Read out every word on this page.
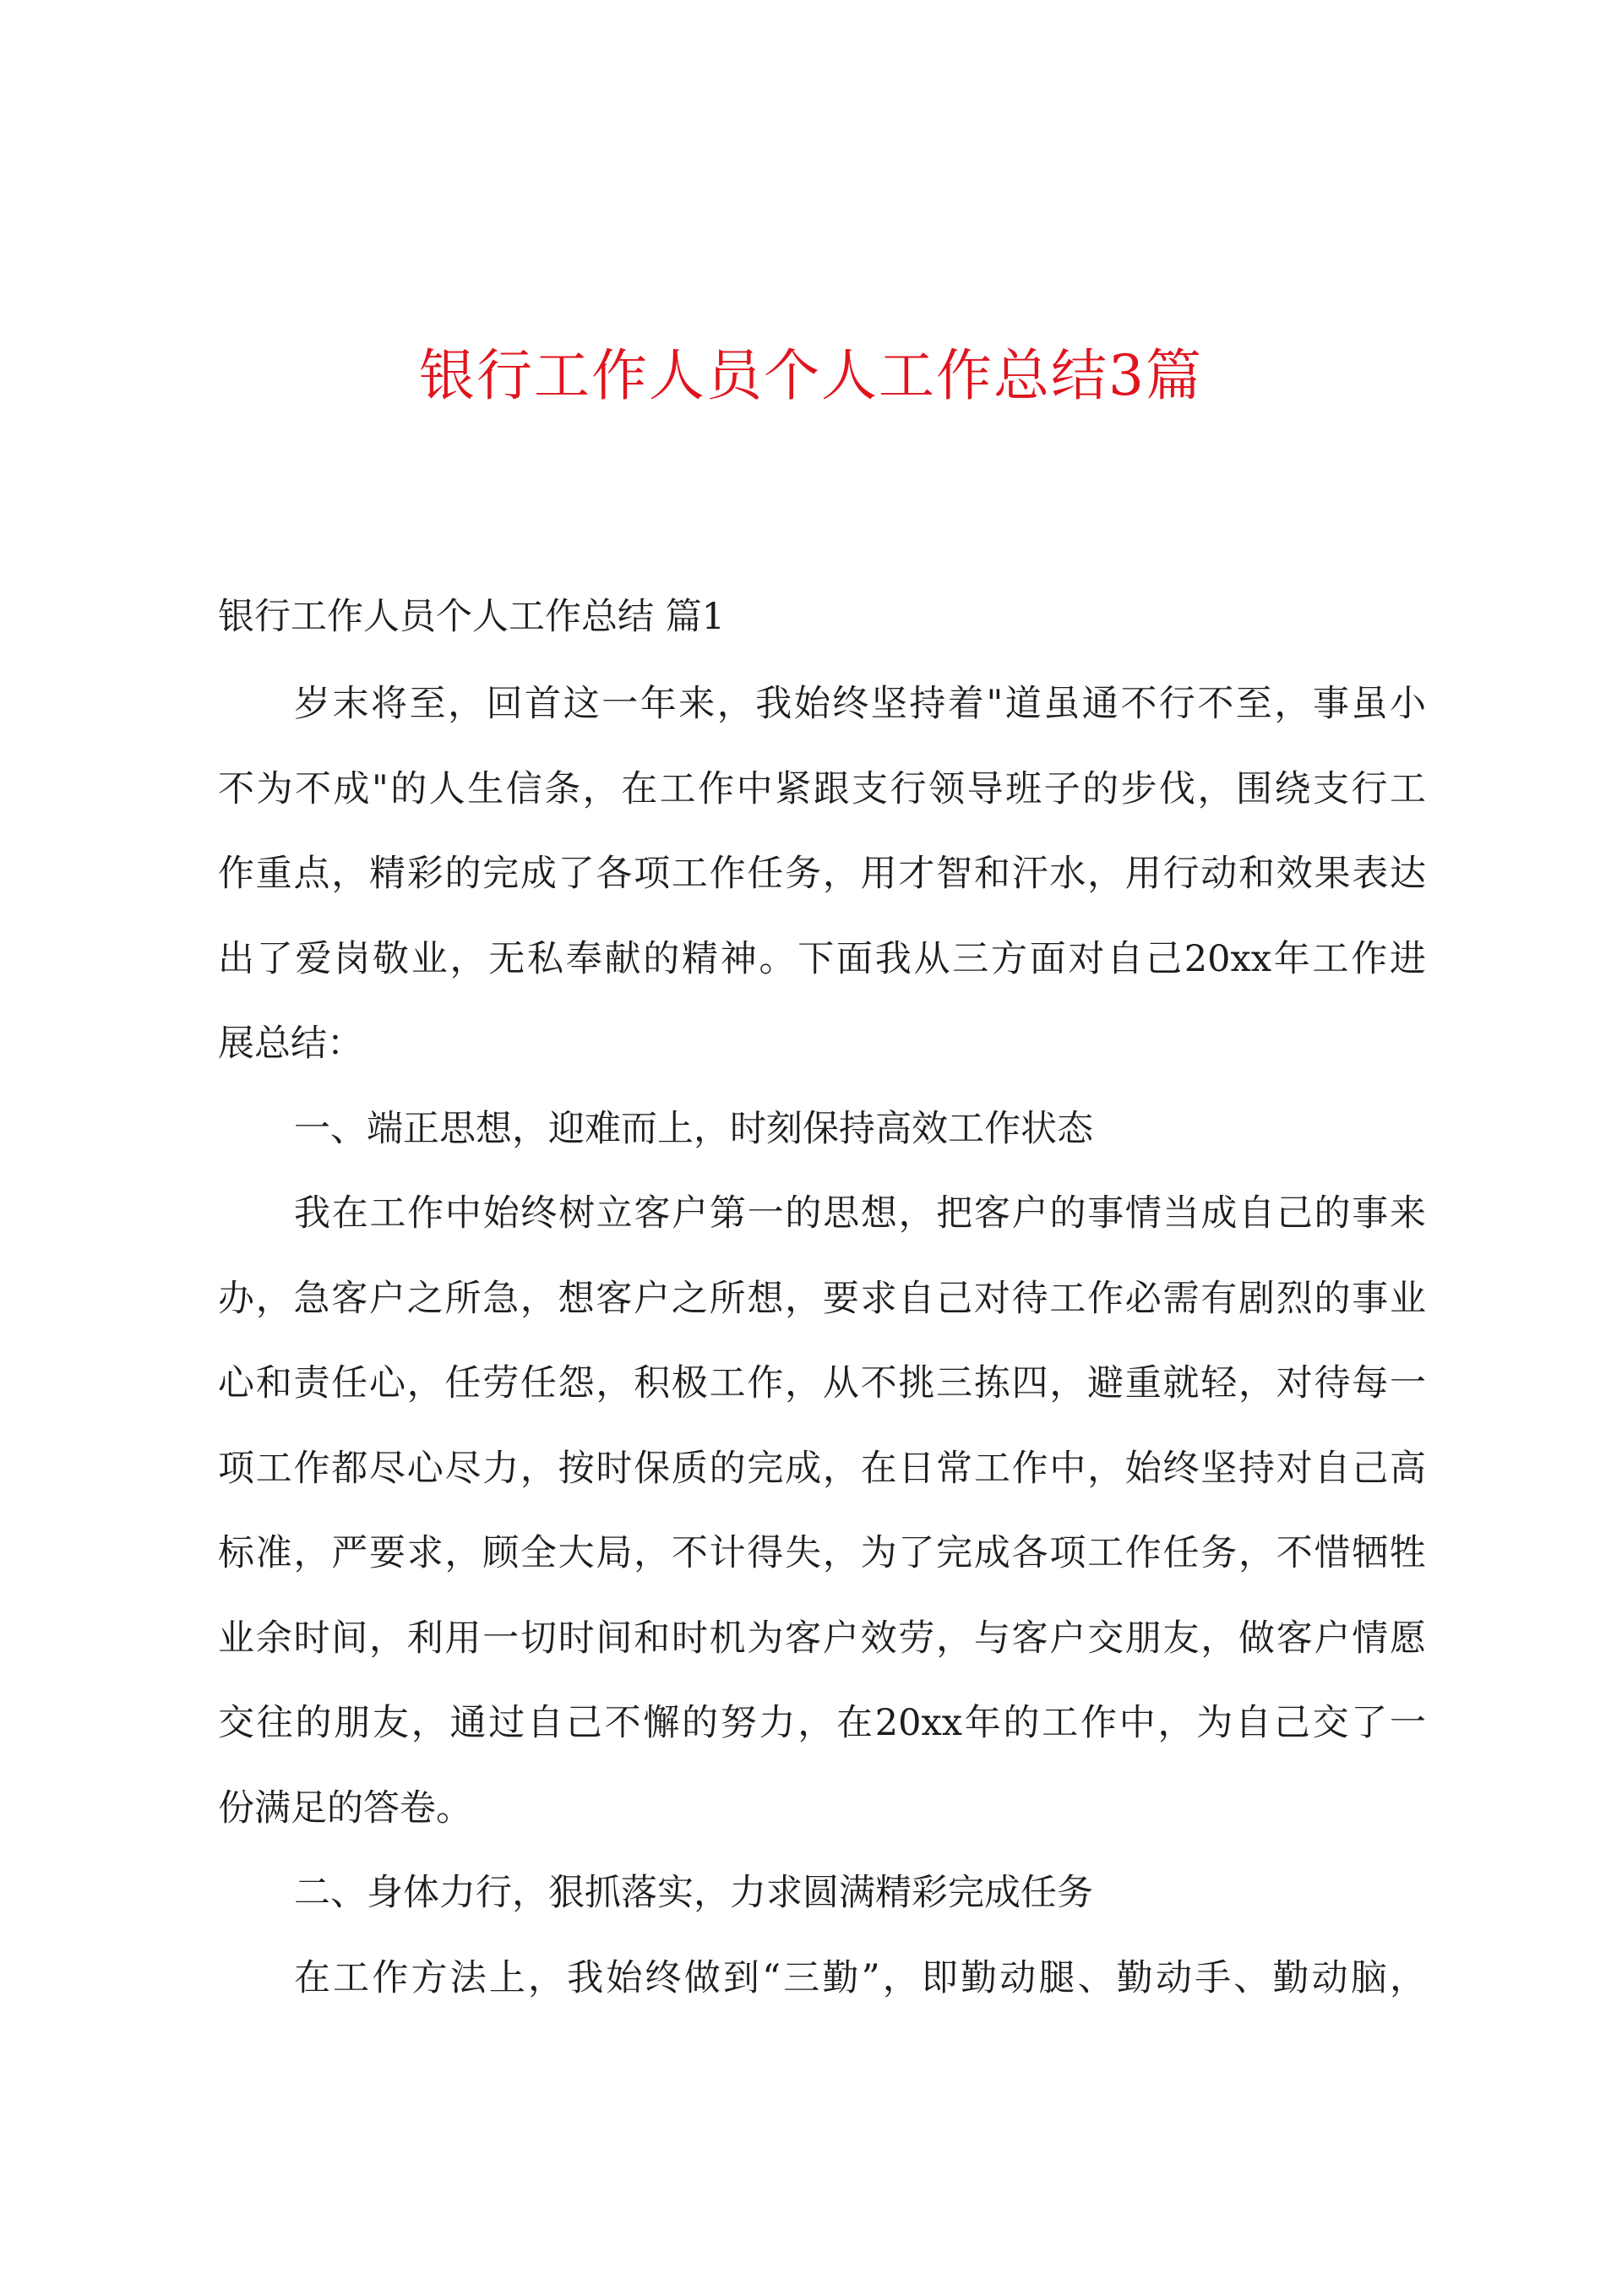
银行工作人员个人工作总结3篇
银行工作人员个人工作总结 篇1
岁末将至，回首这一年来，我始终坚持着"道虽通不行不至，事虽小
不为不成"的人生信条，在工作中紧跟支行领导班子的步伐，围绕支行工
作重点，精彩的完成了各项工作任务，用才智和汗水，用行动和效果表达
出了爱岗敬业，无私奉献的精神。下面我从三方面对自己20xx年工作进
展总结：
一、端正思想，迎难而上，时刻保持高效工作状态
我在工作中始终树立客户第一的思想，把客户的事情当成自己的事来
办，急客户之所急，想客户之所想，要求自己对待工作必需有剧烈的事业
心和责任心，任劳任怨，积极工作，从不挑三拣四，避重就轻，对待每一
项工作都尽心尽力，按时保质的完成，在日常工作中，始终坚持对自己高
标准，严要求，顾全大局，不计得失，为了完成各项工作任务，不惜牺牲
业余时间，利用一切时间和时机为客户效劳，与客户交朋友，做客户情愿
交往的朋友，通过自己不懈的努力，在20xx年的工作中，为自己交了一
份满足的答卷。
二、身体力行，狠抓落实，力求圆满精彩完成任务
在工作方法上，我始终做到“三勤”，即勤动腿、勤动手、勤动脑，
